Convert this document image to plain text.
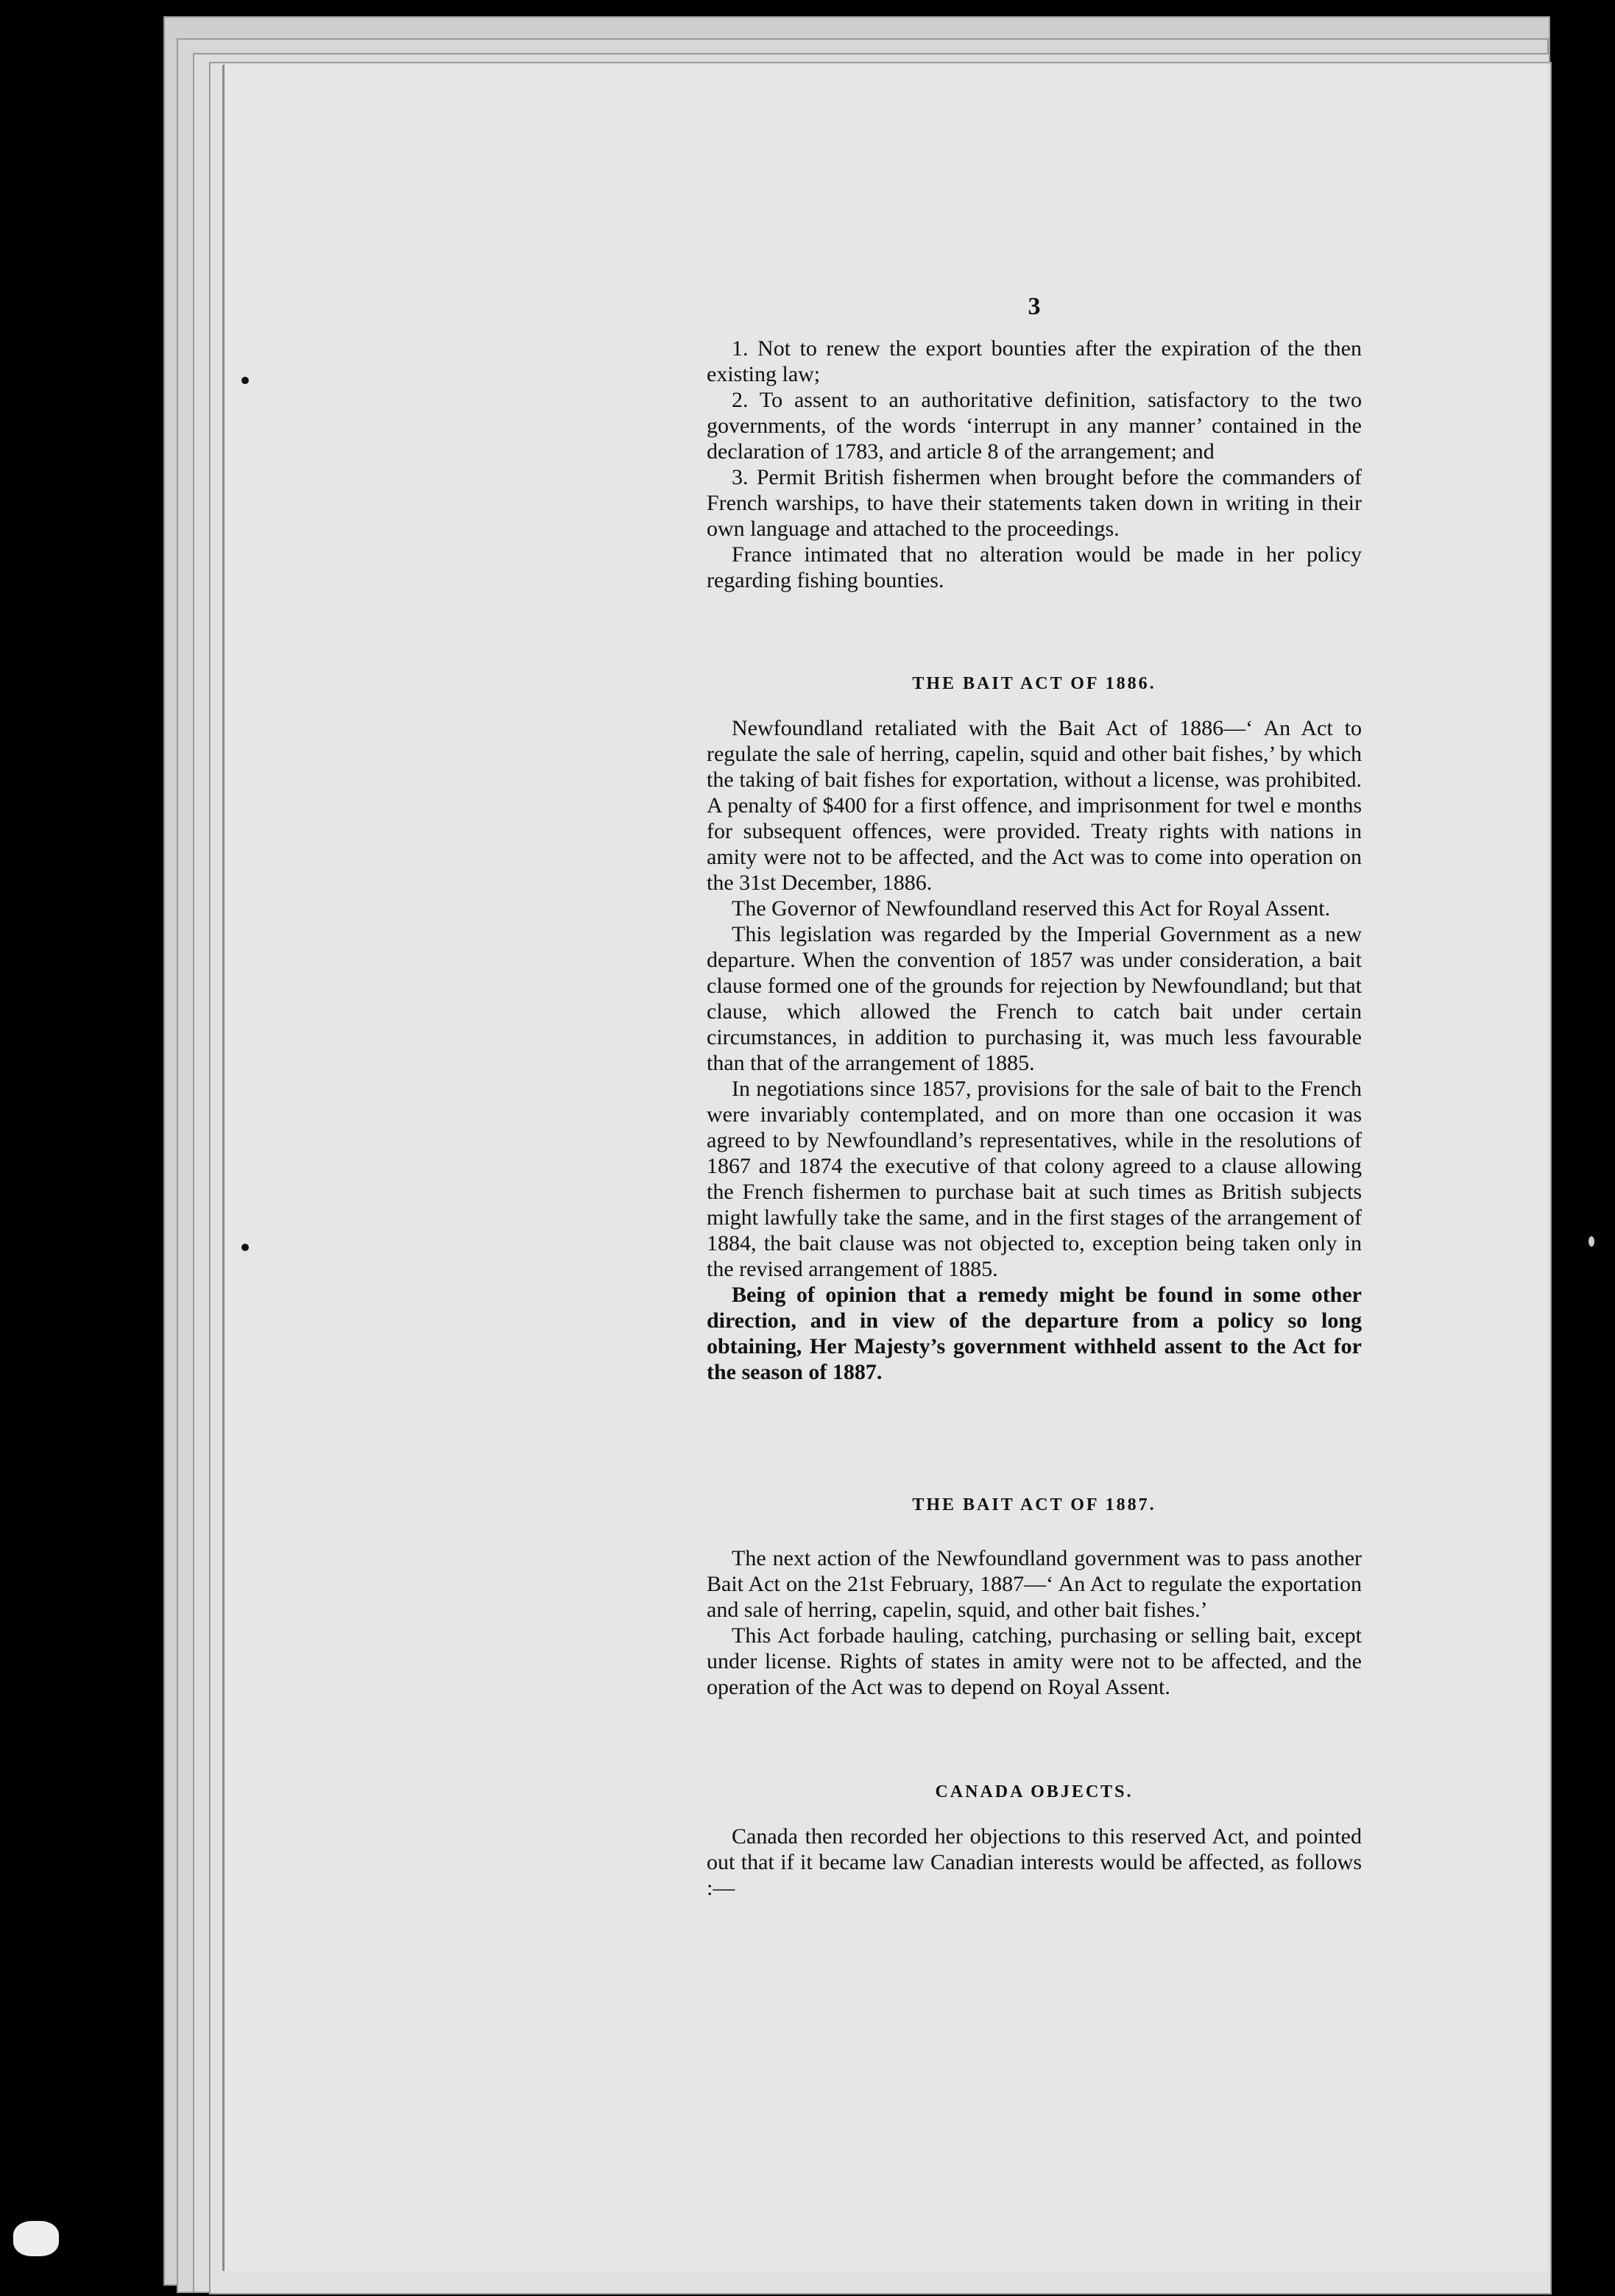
3

1. Not to renew the export bounties after the expiration of the then existing law;

2. To assent to an authoritative definition, satisfactory to the two governments, of the words ‘interrupt in any manner’ contained in the declaration of 1783, and article 8 of the arrangement; and

3. Permit British fishermen when brought before the commanders of French warships, to have their statements taken down in writing in their own language and attached to the proceedings.

France intimated that no alteration would be made in her policy regarding fishing bounties.

THE BAIT ACT OF 1886.

Newfoundland retaliated with the Bait Act of 1886—‘ An Act to regulate the sale of herring, capelin, squid and other bait fishes,’ by which the taking of bait fishes for exportation, without a license, was prohibited. A penalty of $400 for a first offence, and imprisonment for twel e months for subsequent offences, were provided. Treaty rights with nations in amity were not to be affected, and the Act was to come into operation on the 31st December, 1886.

The Governor of Newfoundland reserved this Act for Royal Assent.

This legislation was regarded by the Imperial Government as a new departure. When the convention of 1857 was under consideration, a bait clause formed one of the grounds for rejection by Newfoundland; but that clause, which allowed the French to catch bait under certain circumstances, in addition to purchasing it, was much less favourable than that of the arrangement of 1885.

In negotiations since 1857, provisions for the sale of bait to the French were invariably contemplated, and on more than one occasion it was agreed to by Newfoundland’s representatives, while in the resolutions of 1867 and 1874 the executive of that colony agreed to a clause allowing the French fishermen to purchase bait at such times as British subjects might lawfully take the same, and in the first stages of the arrangement of 1884, the bait clause was not objected to, exception being taken only in the revised arrangement of 1885.

Being of opinion that a remedy might be found in some other direction, and in view of the departure from a policy so long obtaining, Her Majesty’s government withheld assent to the Act for the season of 1887.

THE BAIT ACT OF 1887.

The next action of the Newfoundland government was to pass another Bait Act on the 21st February, 1887—‘ An Act to regulate the exportation and sale of herring, capelin, squid, and other bait fishes.’

This Act forbade hauling, catching, purchasing or selling bait, except under license. Rights of states in amity were not to be affected, and the operation of the Act was to depend on Royal Assent.

CANADA OBJECTS.

Canada then recorded her objections to this reserved Act, and pointed out that if it became law Canadian interests would be affected, as follows :—
